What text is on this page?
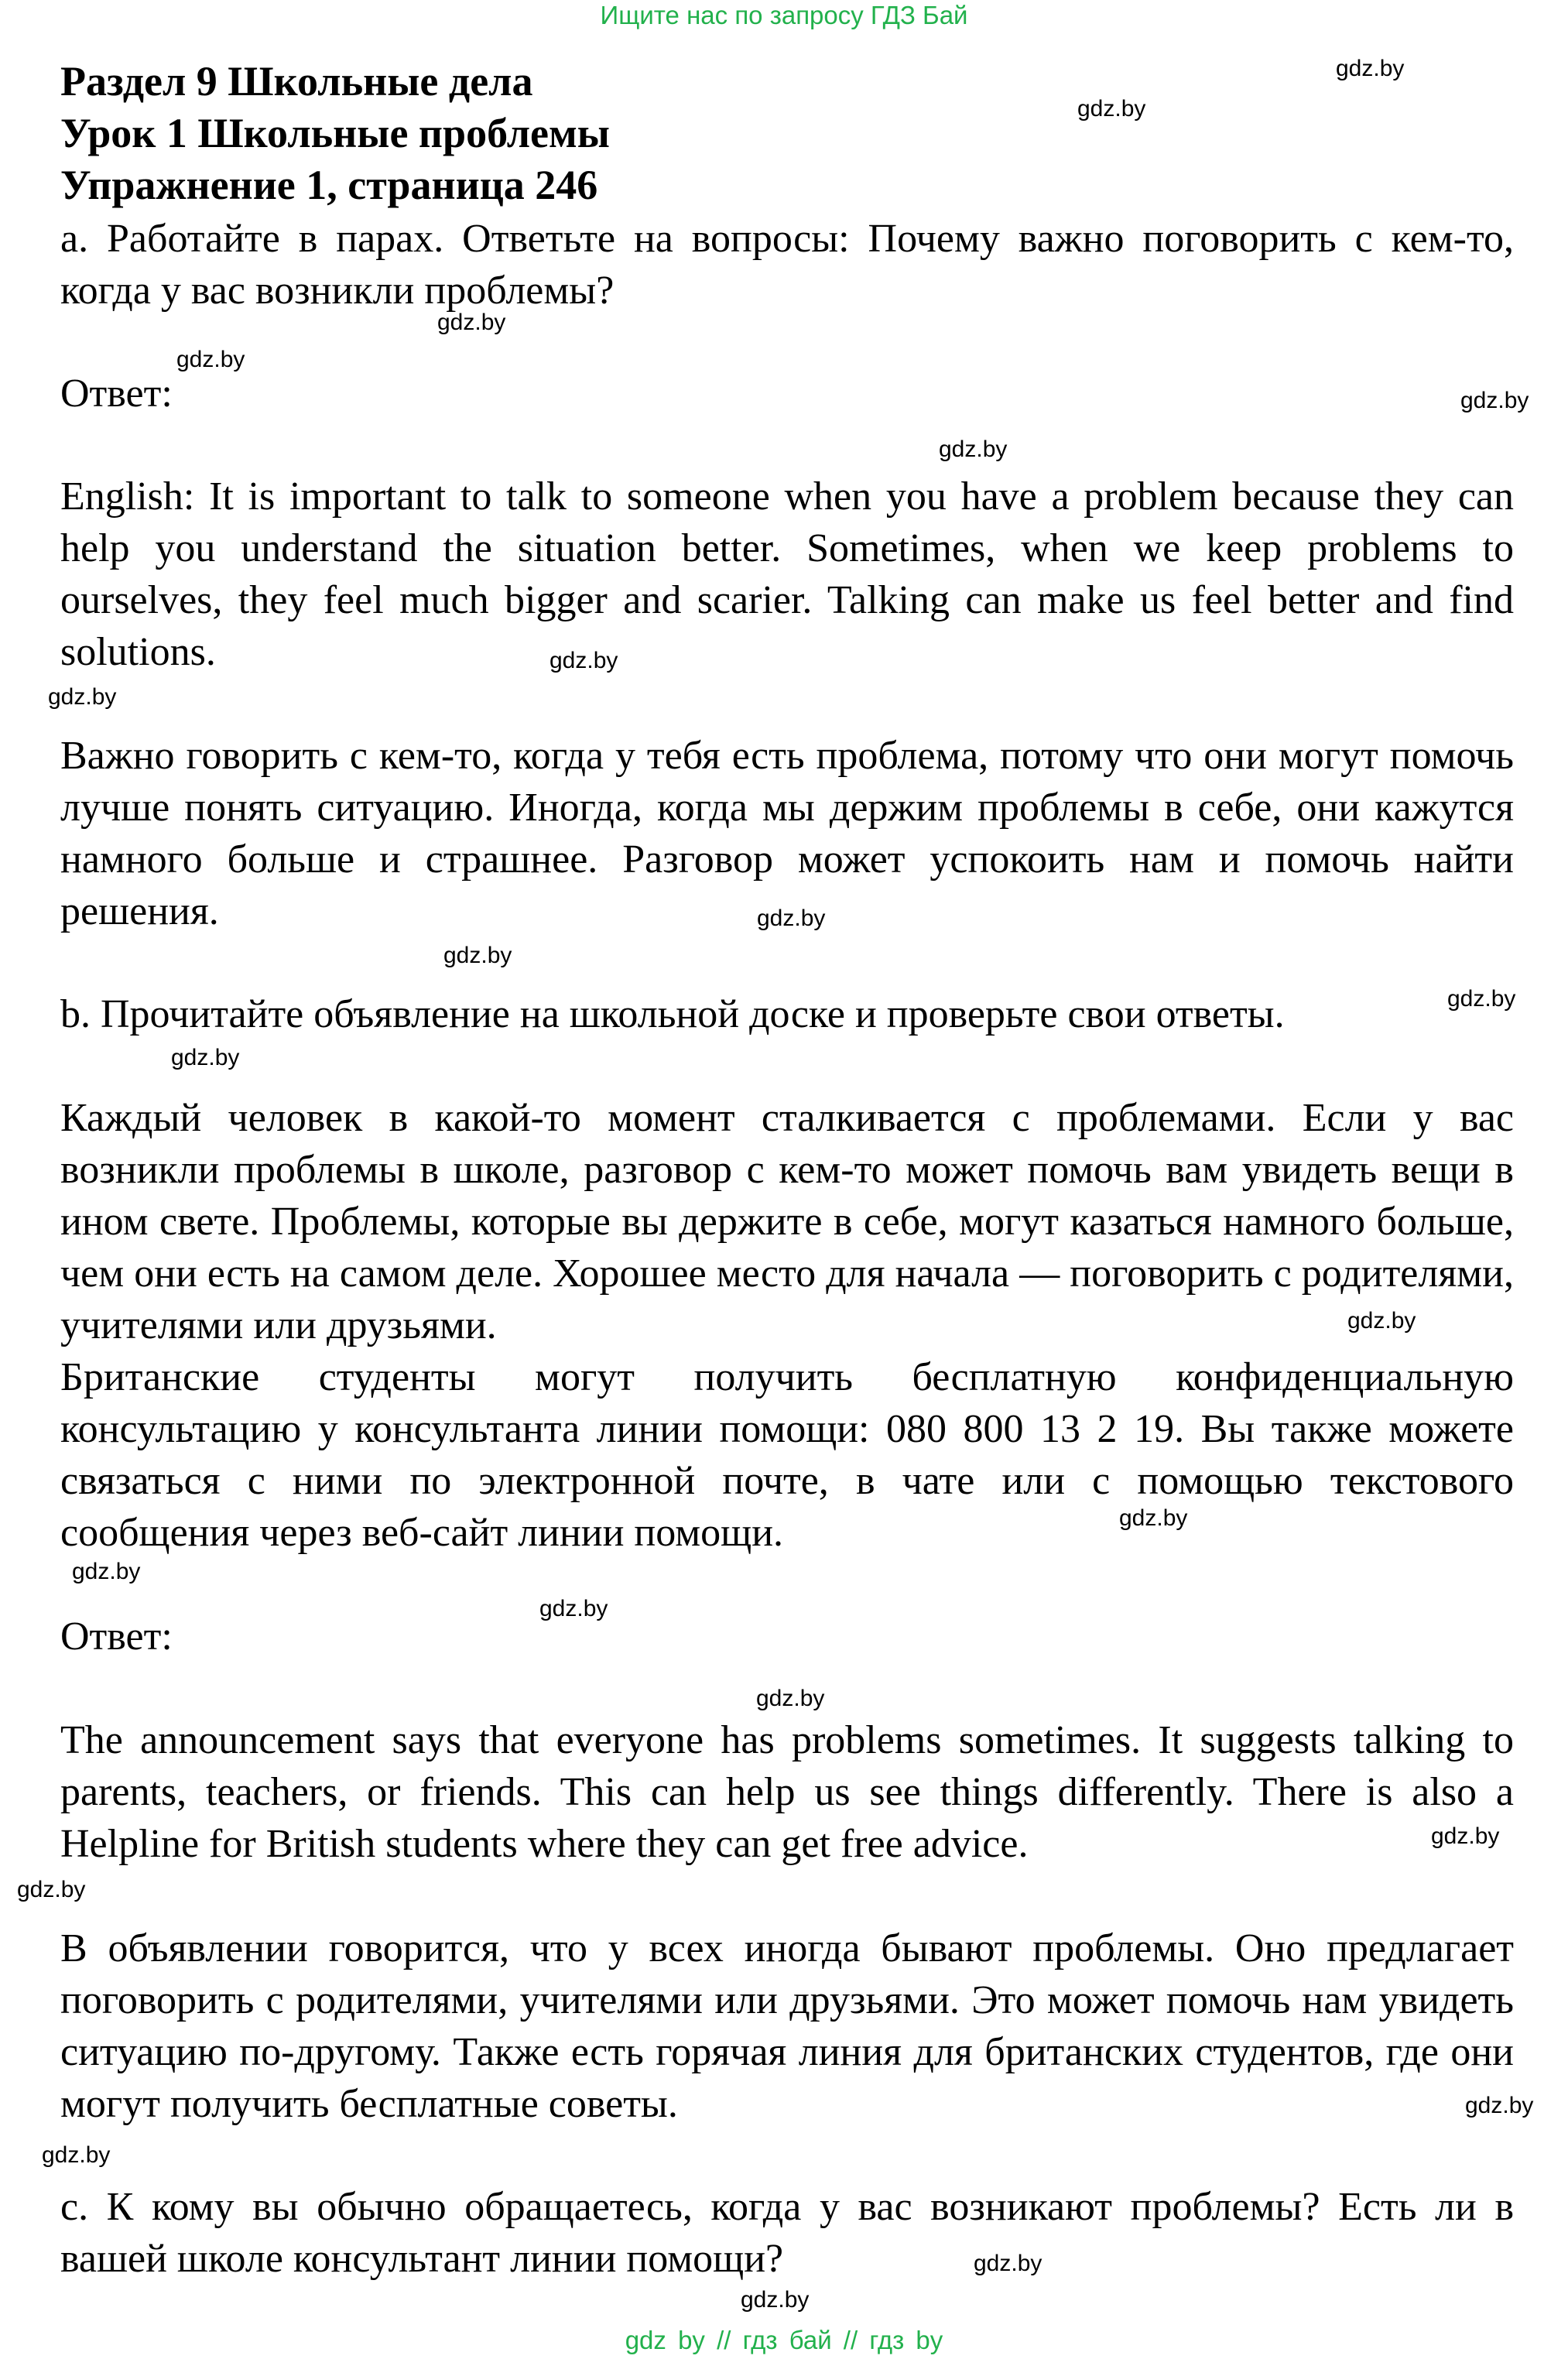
Ищите нас по запросу ГДЗ Бай
Раздел 9 Школьные дела
Урок 1 Школьные проблемы
Упражнение 1, страница 246
a. Работайте в парах. Ответьте на вопросы: Почему важно поговорить с кем-то, когда у вас возникли проблемы?
Ответ:
English: It is important to talk to someone when you have a problem because they can help you understand the situation better. Sometimes, when we keep problems to ourselves, they feel much bigger and scarier. Talking can make us feel better and find solutions.
Важно говорить с кем-то, когда у тебя есть проблема, потому что они могут помочь лучше понять ситуацию. Иногда, когда мы держим проблемы в себе, они кажутся намного больше и страшнее. Разговор может успокоить нам и помочь найти решения.
b. Прочитайте объявление на школьной доске и проверьте свои ответы.
Каждый человек в какой-то момент сталкивается с проблемами. Если у вас возникли проблемы в школе, разговор с кем-то может помочь вам увидеть вещи в ином свете. Проблемы, которые вы держите в себе, могут казаться намного больше, чем они есть на самом деле. Хорошее место для начала — поговорить с родителями, учителями или друзьями.
Британские студенты могут получить бесплатную конфиденциальную консультацию у консультанта линии помощи: 080 800 13 2 19. Вы также можете связаться с ними по электронной почте, в чате или с помощью текстового сообщения через веб-сайт линии помощи.
Ответ:
The announcement says that everyone has problems sometimes. It suggests talking to parents, teachers, or friends. This can help us see things differently. There is also a Helpline for British students where they can get free advice.
В объявлении говорится, что у всех иногда бывают проблемы. Оно предлагает поговорить с родителями, учителями или друзьями. Это может помочь нам увидеть ситуацию по-другому. Также есть горячая линия для британских студентов, где они могут получить бесплатные советы.
c. К кому вы обычно обращаетесь, когда у вас возникают проблемы? Есть ли в вашей школе консультант линии помощи?
gdz.by
gdz.by
gdz.by
gdz.by
gdz.by
gdz.by
gdz.by
gdz.by
gdz.by
gdz.by
gdz.by
gdz.by
gdz.by
gdz.by
gdz.by
gdz.by
gdz.by
gdz.by
gdz.by
gdz.by
gdz.by
gdz.by
gdz.by
gdz by // гдз бай // гдз by
